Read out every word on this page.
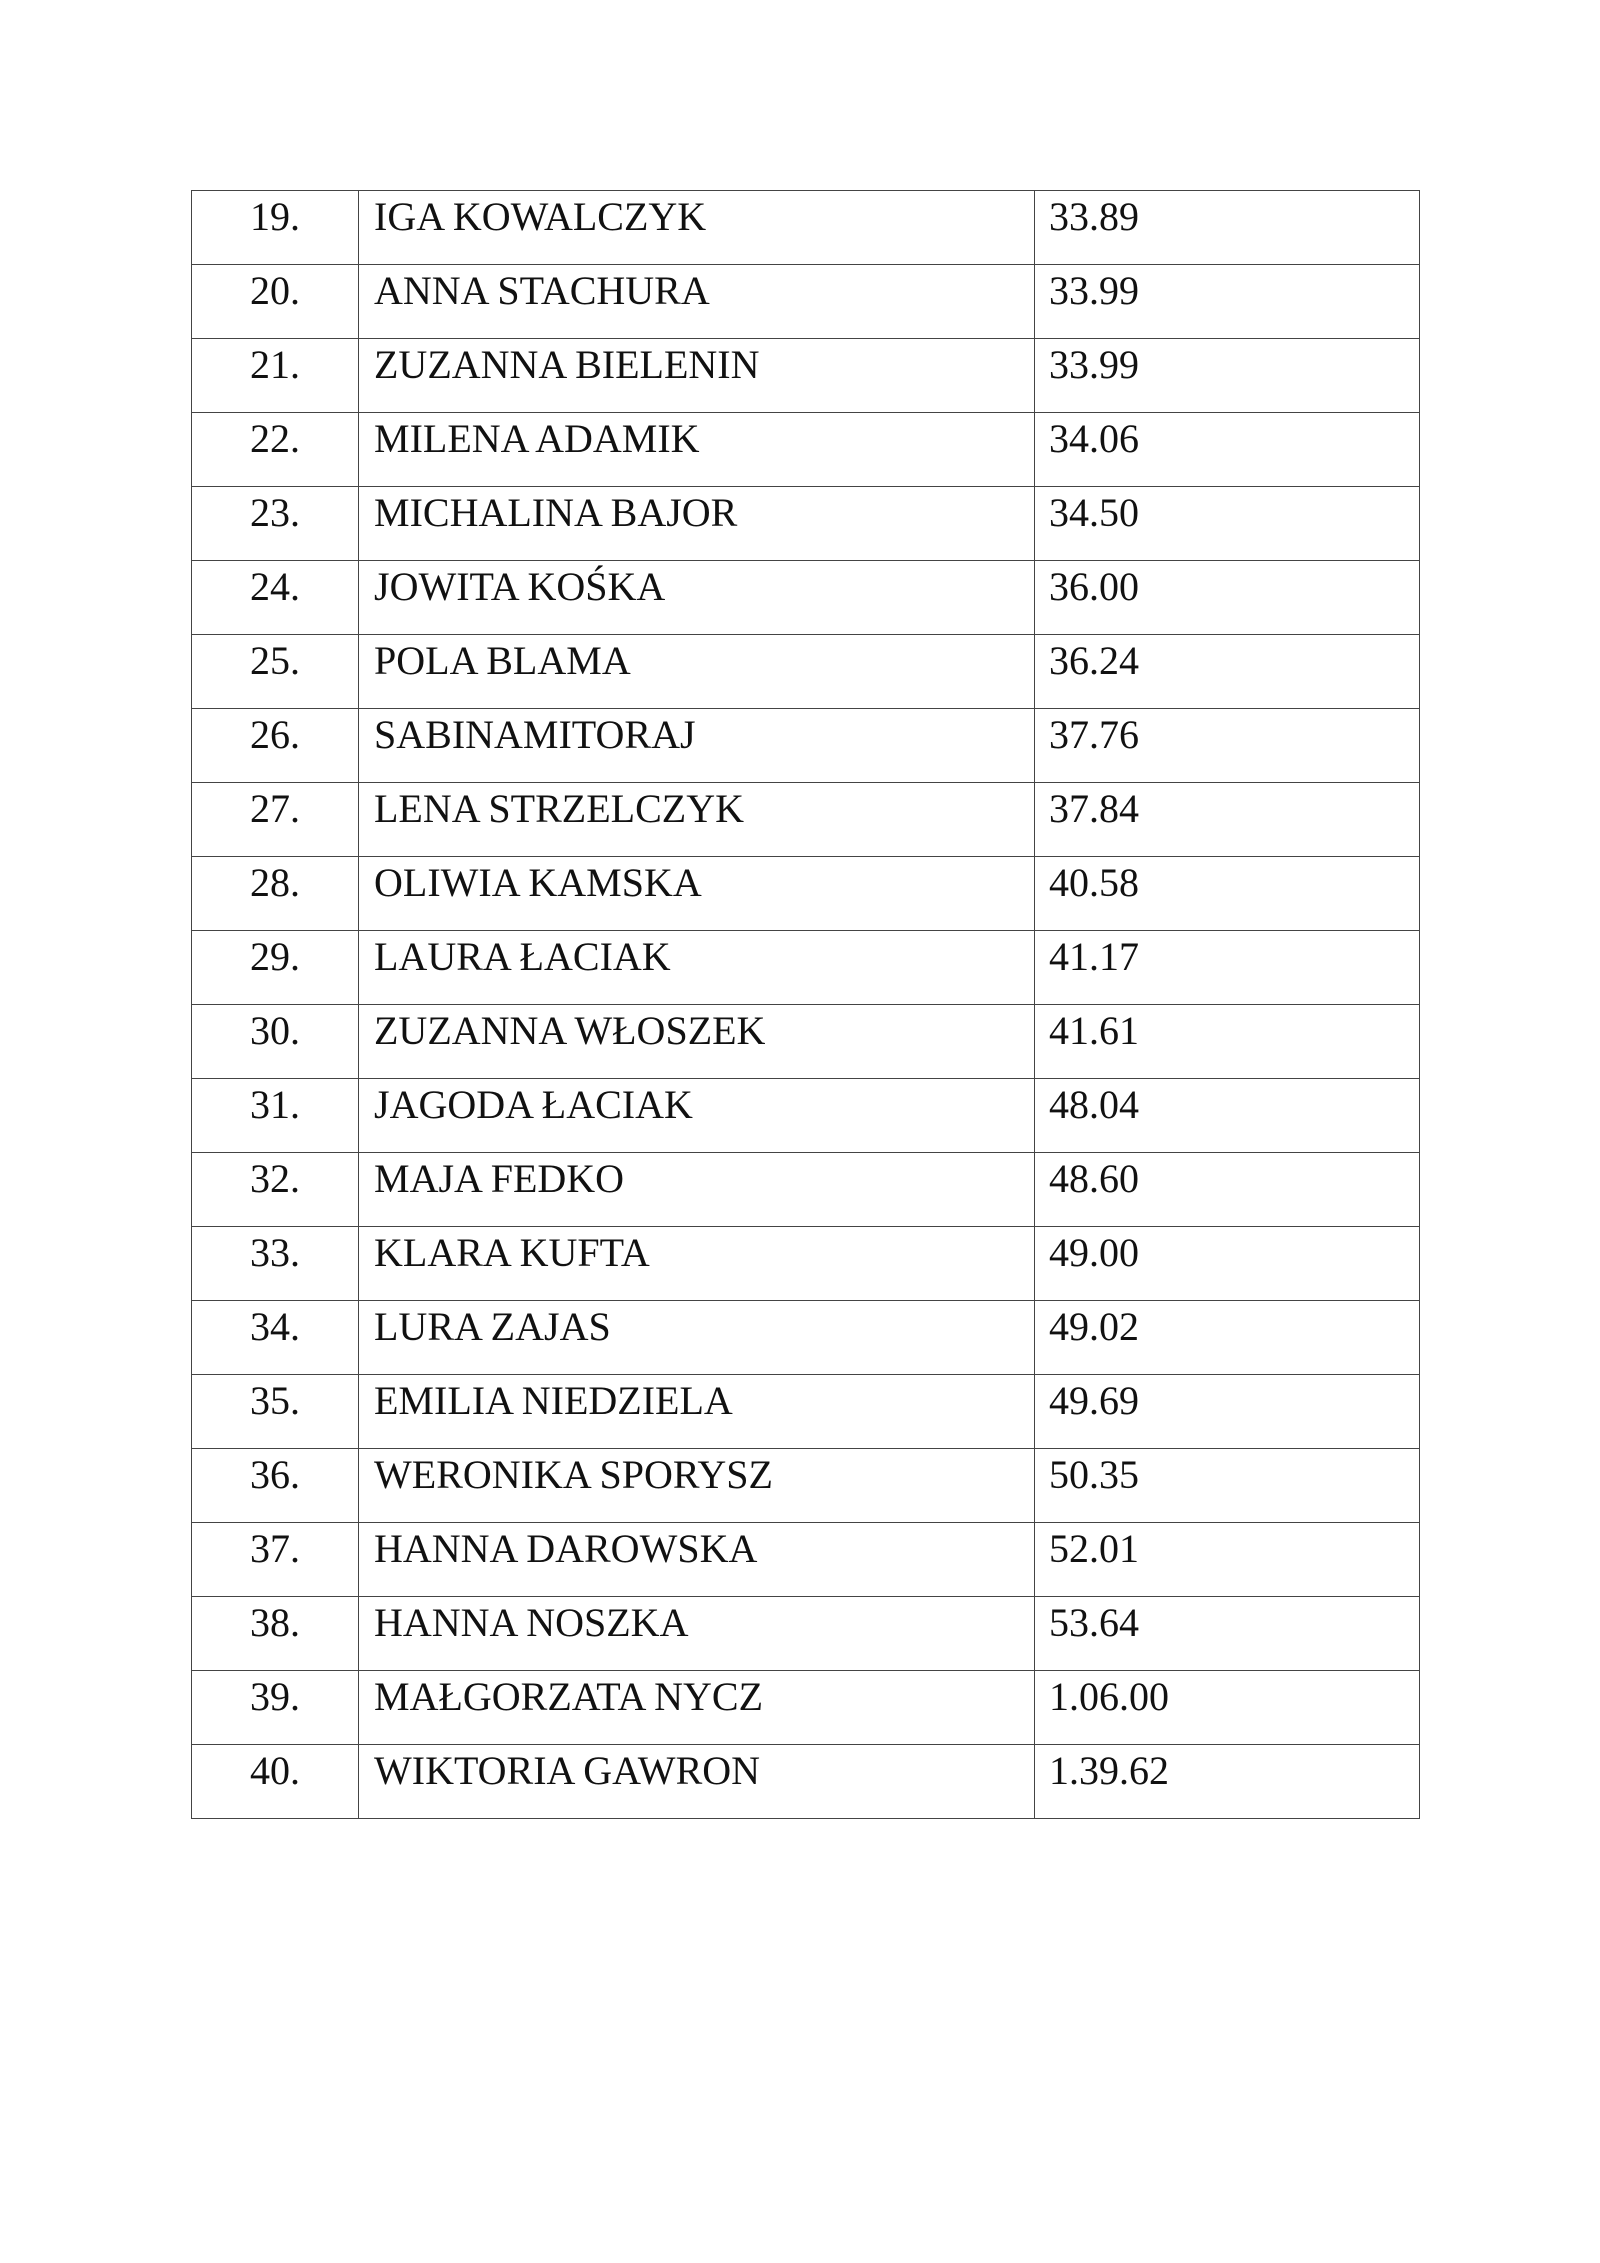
19.	IGA KOWALCZYK	33.89
20.	ANNA STACHURA	33.99
21.	ZUZANNA BIELENIN	33.99
22.	MILENA ADAMIK	34.06
23.	MICHALINA BAJOR	34.50
24.	JOWITA KOŚKA	36.00
25.	POLA BLAMA	36.24
26.	SABINAMITORAJ	37.76
27.	LENA STRZELCZYK	37.84
28.	OLIWIA KAMSKA	40.58
29.	LAURA ŁACIAK	41.17
30.	ZUZANNA WŁOSZEK	41.61
31.	JAGODA ŁACIAK	48.04
32.	MAJA FEDKO	48.60
33.	KLARA KUFTA	49.00
34.	LURA ZAJAS	49.02
35.	EMILIA NIEDZIELA	49.69
36.	WERONIKA SPORYSZ	50.35
37.	HANNA DAROWSKA	52.01
38.	HANNA NOSZKA	53.64
39.	MAŁGORZATA NYCZ	1.06.00
40.	WIKTORIA GAWRON	1.39.62
